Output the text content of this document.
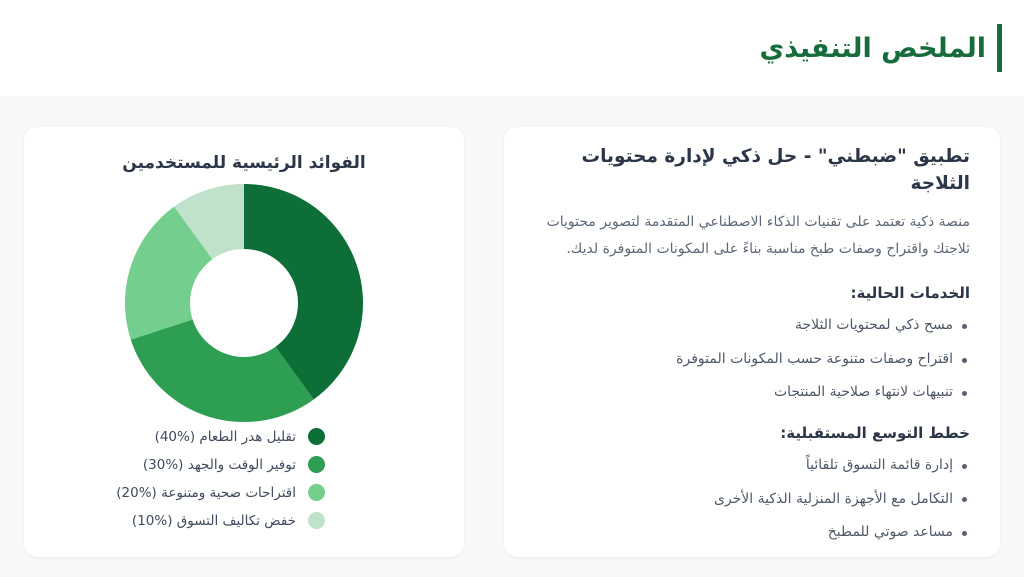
الملخص التنفيذي
تطبيق "ضبطني" - حل ذكي لإدارة محتويات الثلاجة
منصة ذكية تعتمد على تقنيات الذكاء الاصطناعي المتقدمة لتصوير محتويات ثلاجتك واقتراح وصفات طبخ مناسبة بناءً على المكونات المتوفرة لديك.
الخدمات الحالية:
مسح ذكي لمحتويات الثلاجة
اقتراح وصفات متنوعة حسب المكونات المتوفرة
تنبيهات لانتهاء صلاحية المنتجات
خطط التوسع المستقبلية:
إدارة قائمة التسوق تلقائياً
التكامل مع الأجهزة المنزلية الذكية الأخرى
مساعد صوتي للمطبخ
الفوائد الرئيسية للمستخدمين
تقليل هدر الطعام (%40)
توفير الوقت والجهد (%30)
اقتراحات صحية ومتنوعة (%20)
خفض تكاليف التسوق (%10)
